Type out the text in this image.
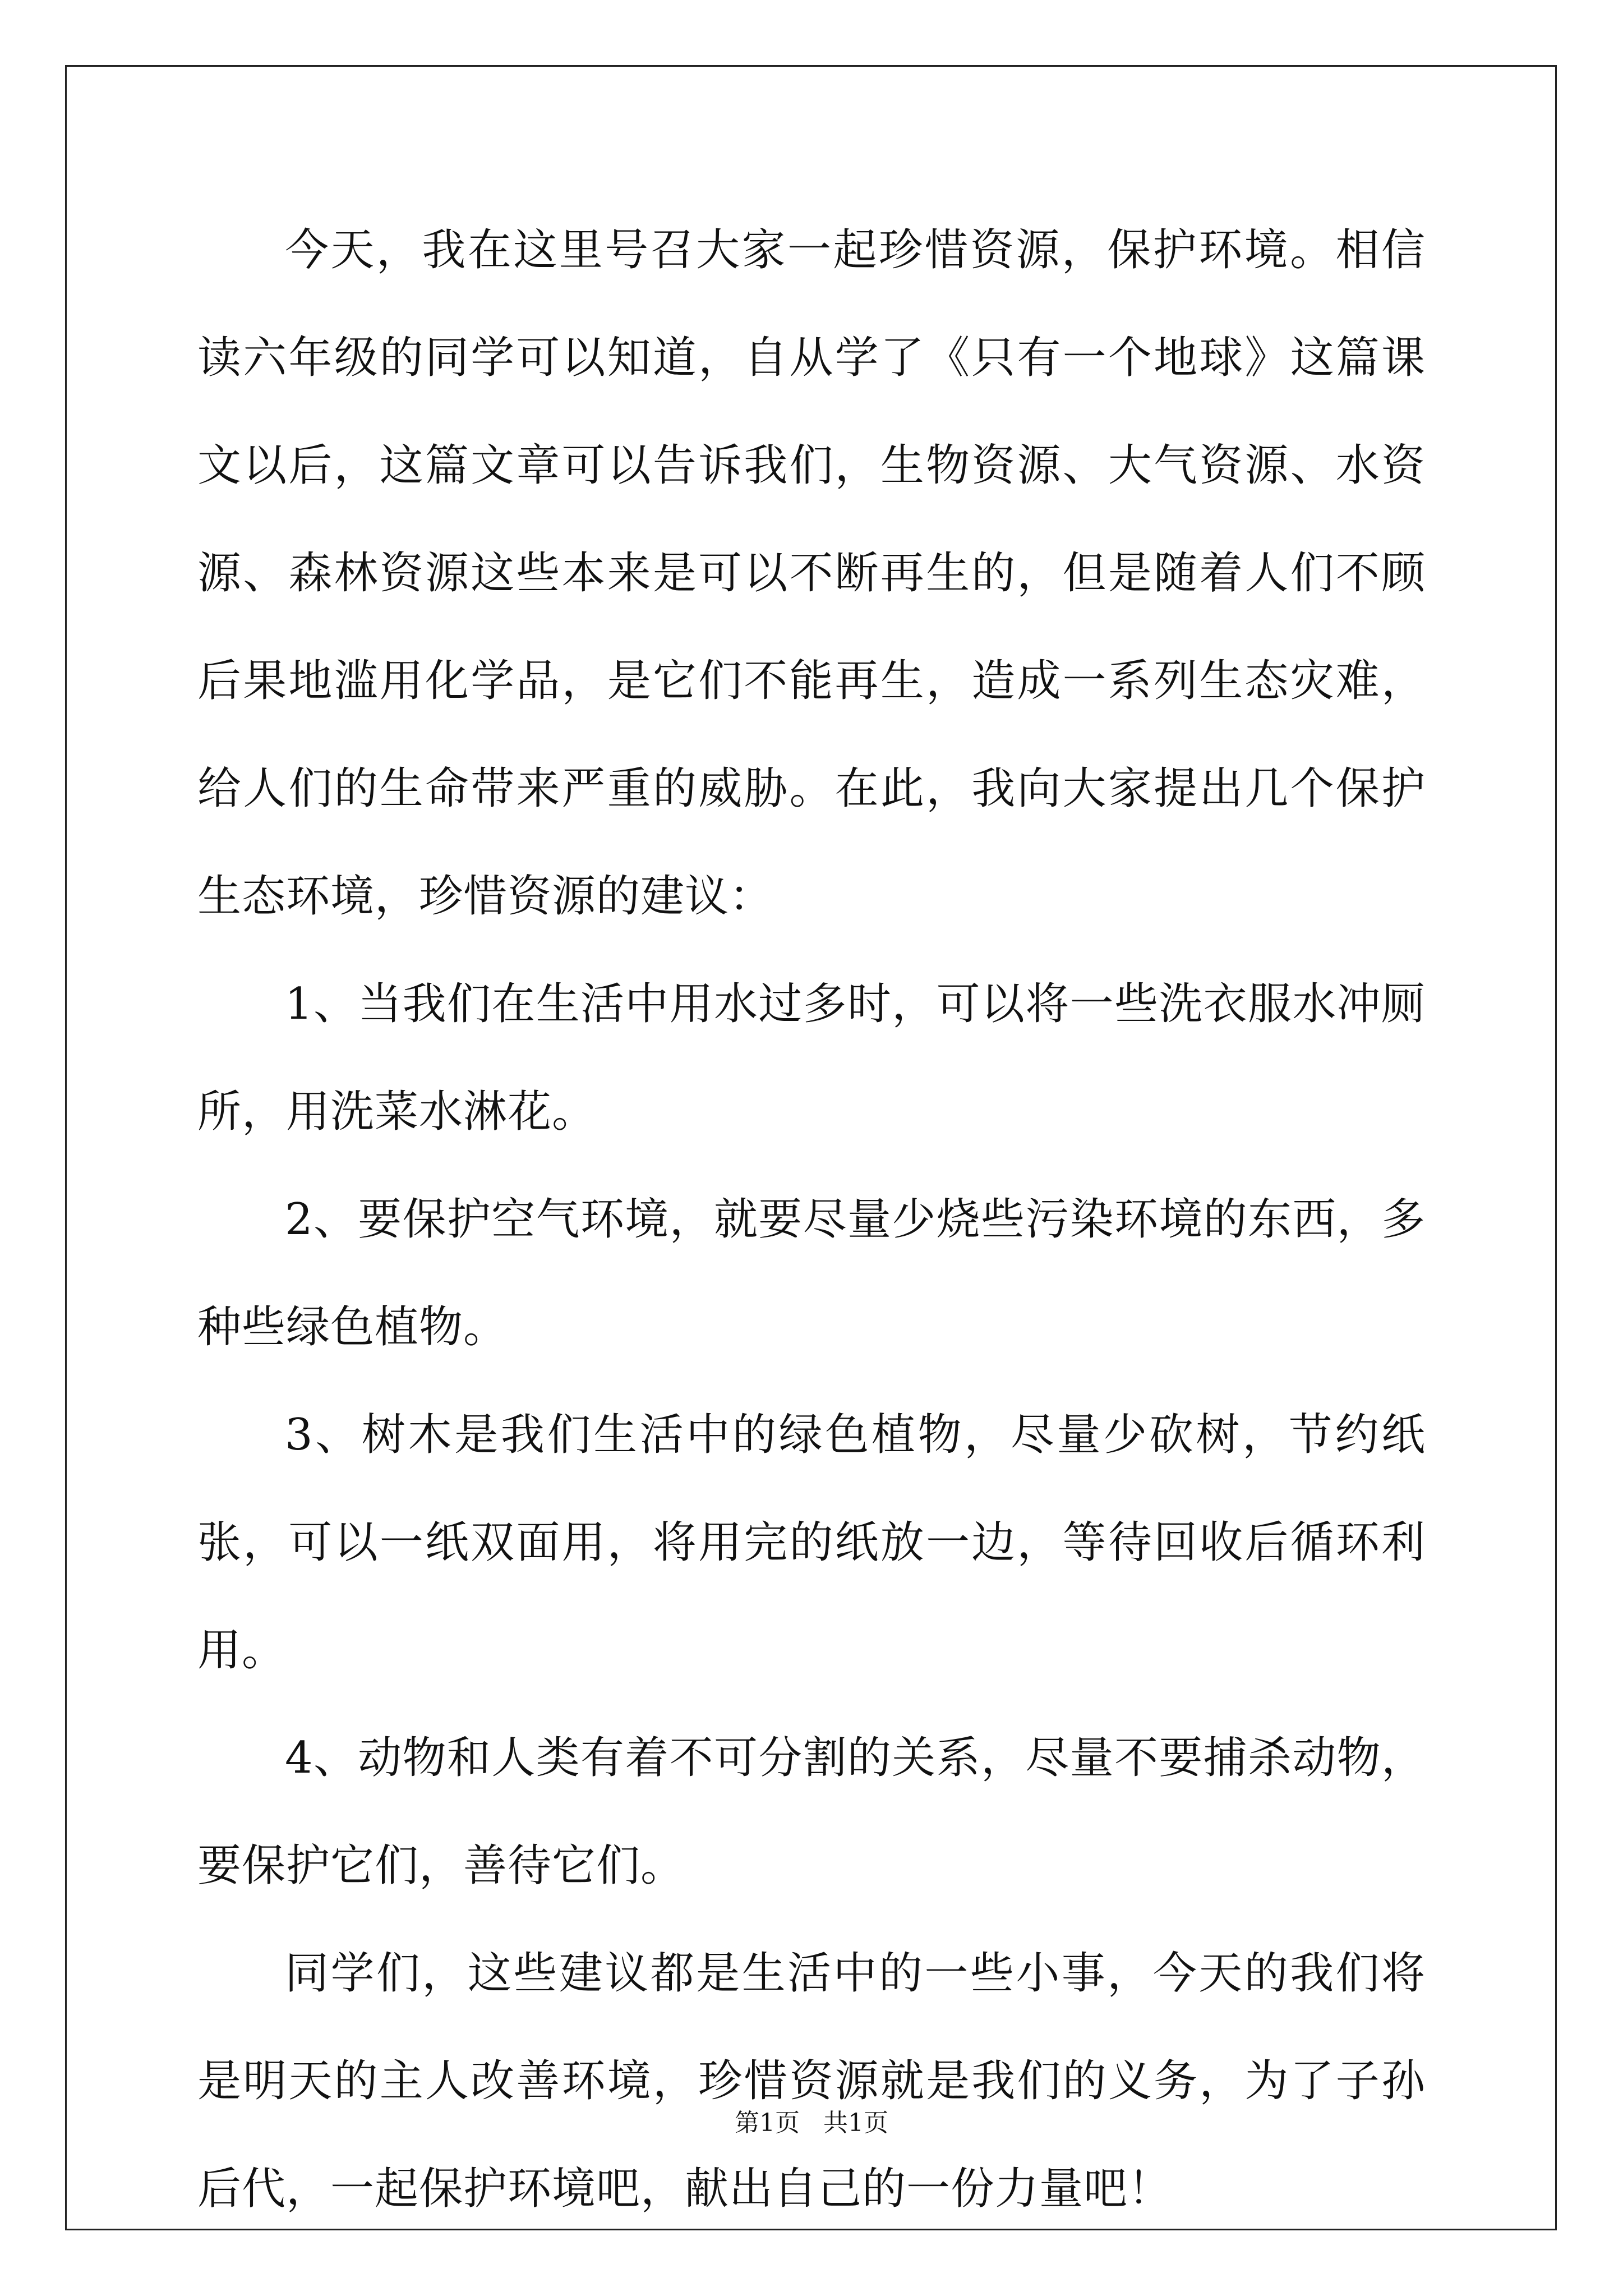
今天，我在这里号召大家一起珍惜资源，保护环境。相信读六年级的同学可以知道，自从学了《只有一个地球》这篇课文以后，这篇文章可以告诉我们，生物资源、大气资源、水资源、森林资源这些本来是可以不断再生的，但是随着人们不顾后果地滥用化学品，是它们不能再生，造成一系列生态灾难，给人们的生命带来严重的威胁。在此，我向大家提出几个保护生态环境，珍惜资源的建议：

1、当我们在生活中用水过多时，可以将一些洗衣服水冲厕所，用洗菜水淋花。

2、要保护空气环境，就要尽量少烧些污染环境的东西，多种些绿色植物。

3、树木是我们生活中的绿色植物，尽量少砍树，节约纸张，可以一纸双面用，将用完的纸放一边，等待回收后循环利用。

4、动物和人类有着不可分割的关系，尽量不要捕杀动物，要保护它们，善待它们。

同学们，这些建议都是生活中的一些小事，今天的我们将是明天的主人改善环境，珍惜资源就是我们的义务，为了子孙后代，一起保护环境吧，献出自己的一份力量吧！

第1页 共1页
